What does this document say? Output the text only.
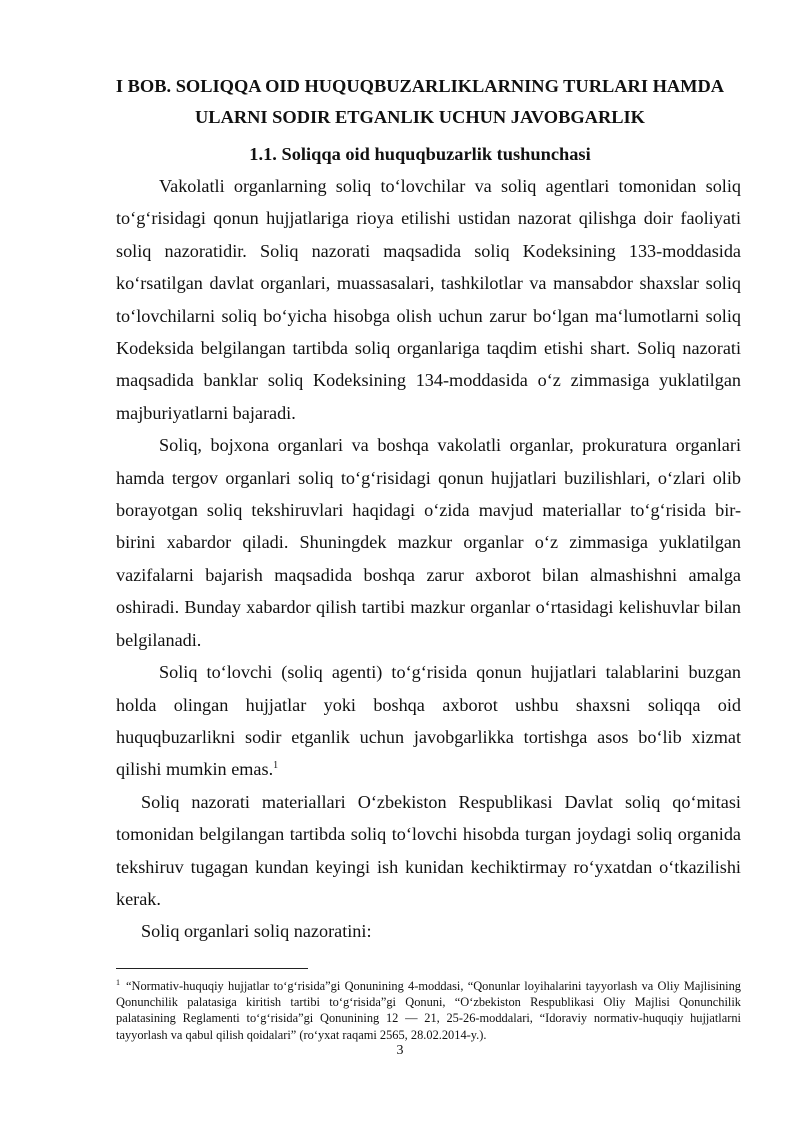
I BOB. SOLIQQA OID HUQUQBUZARLIKLARNING TURLARI HAMDA
ULARNI SODIR ETGANLIK UCHUN JAVOBGARLIK
1.1. Soliqqa oid huquqbuzarlik tushunchasi

Vakolatli organlarning soliq to‘lovchilar va soliq agentlari tomonidan soliq to‘g‘risidagi qonun hujjatlariga rioya etilishi ustidan nazorat qilishga doir faoliyati soliq nazoratidir. Soliq nazorati maqsadida soliq Kodeksining 133-moddasida ko‘rsatilgan davlat organlari, muassasalari, tashkilotlar va mansabdor shaxslar soliq to‘lovchilarni soliq bo‘yicha hisobga olish uchun zarur bo‘lgan ma‘lumotlarni soliq Kodeksida belgilangan tartibda soliq organlariga taqdim etishi shart. Soliq nazorati maqsadida banklar soliq Kodeksining 134-moddasida o‘z zimmasiga yuklatilgan majburiyatlarni bajaradi.

Soliq, bojxona organlari va boshqa vakolatli organlar, prokuratura organlari hamda tergov organlari soliq to‘g‘risidagi qonun hujjatlari buzilishlari, o‘zlari olib borayotgan soliq tekshiruvlari haqidagi o‘zida mavjud materiallar to‘g‘risida bir-birini xabardor qiladi. Shuningdek mazkur organlar o‘z zimmasiga yuklatilgan vazifalarni bajarish maqsadida boshqa zarur axborot bilan almashishni amalga oshiradi. Bunday xabardor qilish tartibi mazkur organlar o‘rtasidagi kelishuvlar bilan belgilanadi.

Soliq to‘lovchi (soliq agenti) to‘g‘risida qonun hujjatlari talablarini buzgan holda olingan hujjatlar yoki boshqa axborot ushbu shaxsni soliqqa oid huquqbuzarlikni sodir etganlik uchun javobgarlikka tortishga asos bo‘lib xizmat qilishi mumkin emas.$^1$

Soliq nazorati materiallari O‘zbekiston Respublikasi Davlat soliq qo‘mitasi tomonidan belgilangan tartibda soliq to‘lovchi hisobda turgan joydagi soliq organida tekshiruv tugagan kundan keyingi ish kunidan kechiktirmay ro‘yxatdan o‘tkazilishi kerak.

Soliq organlari soliq nazoratini:

$^1$ “Normativ-huquqiy hujjatlar to‘g‘risida”gi Qonunining 4-moddasi, “Qonunlar loyihalarini tayyorlash va Oliy Majlisining Qonunchilik palatasiga kiritish tartibi to‘g‘risida”gi Qonuni, “O‘zbekiston Respublikasi Oliy Majlisi Qonunchilik palatasining Reglamenti to‘g‘risida”gi Qonunining 12 — 21, 25-26-moddalari, “Idoraviy normativ-huquqiy hujjatlarni tayyorlash va qabul qilish qoidalari” (ro‘yxat raqami 2565, 28.02.2014-y.).

3
